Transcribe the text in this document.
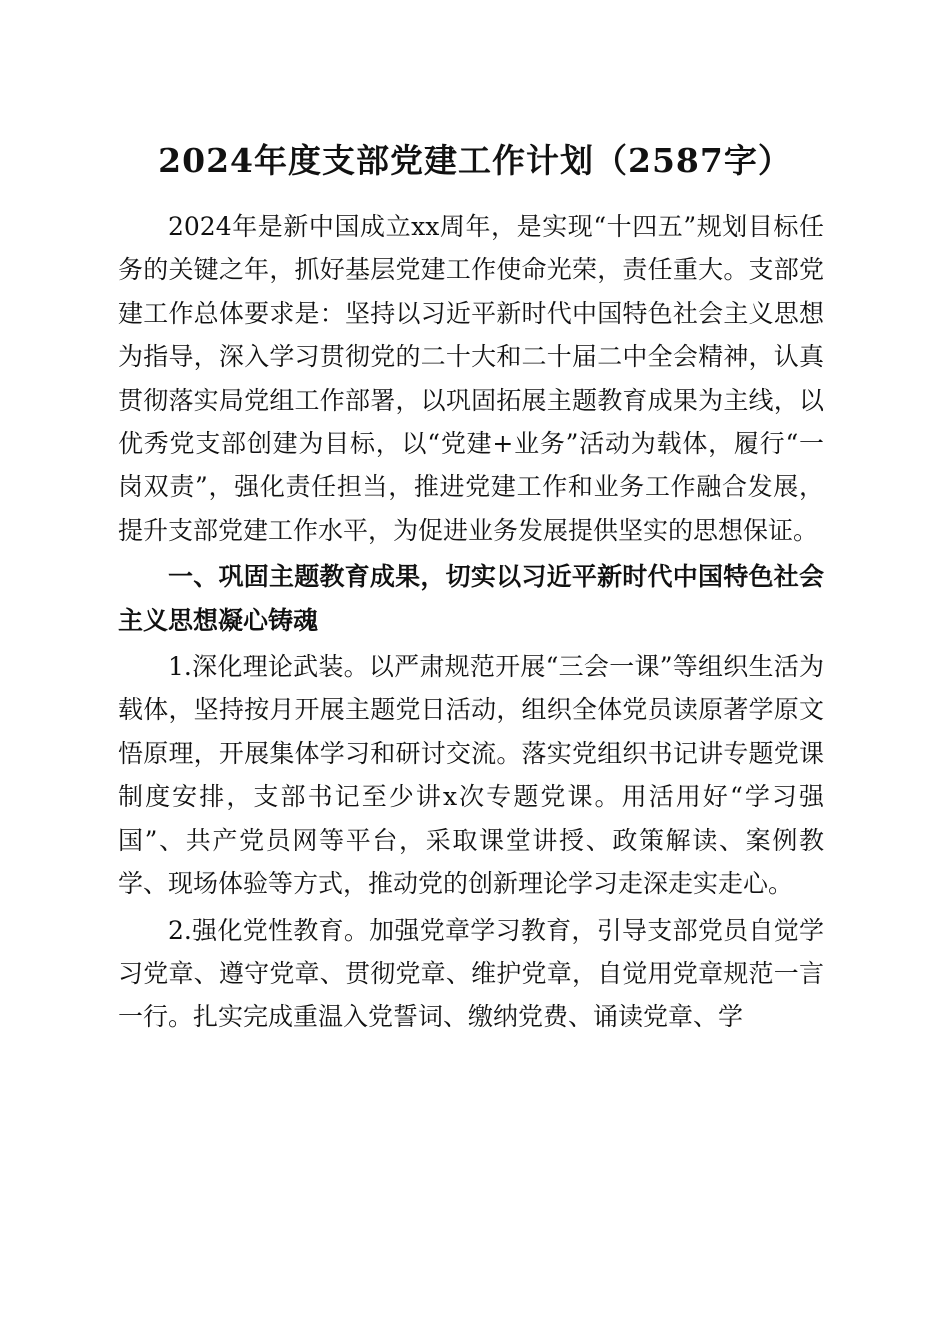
2024年度支部党建工作计划（2587字）

2024年是新中国成立xx周年，是实现“十四五”规划目标任务的关键之年，抓好基层党建工作使命光荣，责任重大。支部党建工作总体要求是：坚持以习近平新时代中国特色社会主义思想为指导，深入学习贯彻党的二十大和二十届二中全会精神，认真贯彻落实局党组工作部署，以巩固拓展主题教育成果为主线，以优秀党支部创建为目标，以“党建+业务”活动为载体，履行“一岗双责”，强化责任担当，推进党建工作和业务工作融合发展，提升支部党建工作水平，为促进业务发展提供坚实的思想保证。

一、巩固主题教育成果，切实以习近平新时代中国特色社会主义思想凝心铸魂

1.深化理论武装。以严肃规范开展“三会一课”等组织生活为载体，坚持按月开展主题党日活动，组织全体党员读原著学原文悟原理，开展集体学习和研讨交流。落实党组织书记讲专题党课制度安排，支部书记至少讲x次专题党课。用活用好“学习强国”、共产党员网等平台，采取课堂讲授、政策解读、案例教学、现场体验等方式，推动党的创新理论学习走深走实走心。

2.强化党性教育。加强党章学习教育，引导支部党员自觉学习党章、遵守党章、贯彻党章、维护党章，自觉用党章规范一言一行。扎实完成重温入党誓词、缴纳党费、诵读党章、学
